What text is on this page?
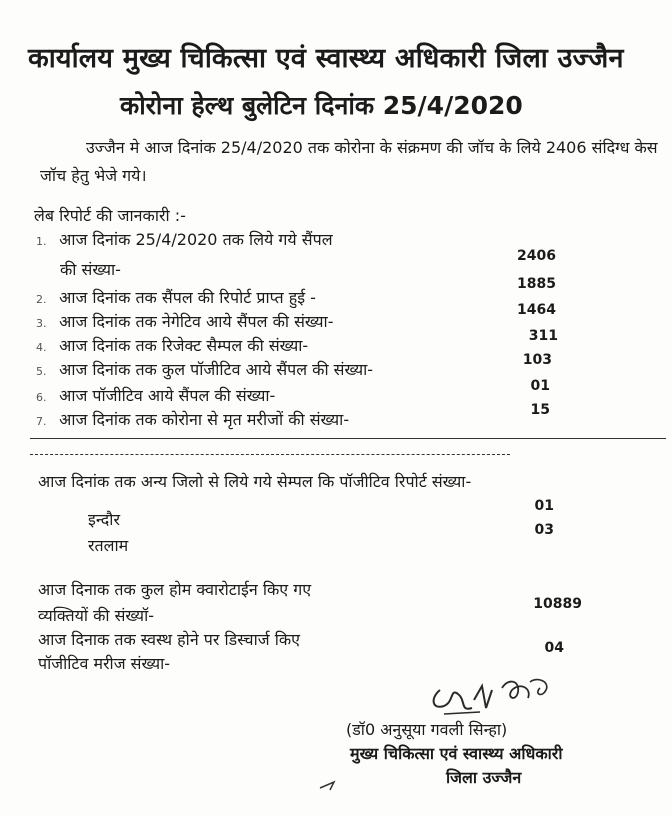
कार्यालय मुख्य चिकित्सा एवं स्वास्थ्य अधिकारी जिला उज्जैन
कोरोना हेल्थ बुलेटिन दिनांक 25/4/2020
उज्जैन मे आज दिनांक 25/4/2020 तक कोरोना के संक्रमण की जॉच के लिये 2406 संदिग्ध केस जॉच हेतु भेजे गये।
लेब रिपोर्ट की जानकारी :-
1. आज दिनांक 25/4/2020 तक लिये गये सैंपल
की संख्या-
2406
2. आज दिनांक तक सैंपल की रिपोर्ट प्राप्त हुई -
1885
3. आज दिनांक तक नेगेटिव आये सैंपल की संख्या-
1464
4. आज दिनांक तक रिजेक्ट सैम्पल की संख्या-	311
5. आज दिनांक तक कुल पॉजीटिव आये सैंपल की संख्या-	103
6. आज पॉजीटिव आये सैंपल की संख्या-	01
7. आज दिनांक तक कोरोना से मृत मरीजों की संख्या-	15
आज दिनांक तक अन्य जिलो से लिये गये सेम्पल कि पॉजीटिव रिपोर्ट संख्या-
इन्दौर
01
रतलाम
03
आज दिनाक तक कुल होम क्वारोटाईन किए गए
व्यक्तियों की संख्यॉ-
10889
आज दिनाक तक स्वस्थ होने पर डिस्चार्ज किए
पॉजीटिव मरीज संख्या-
04
(डॉ0 अनुसूया गवली सिन्हा)
मुख्य चिकित्सा एवं स्वास्थ्य अधिकारी
जिला उज्जैन
